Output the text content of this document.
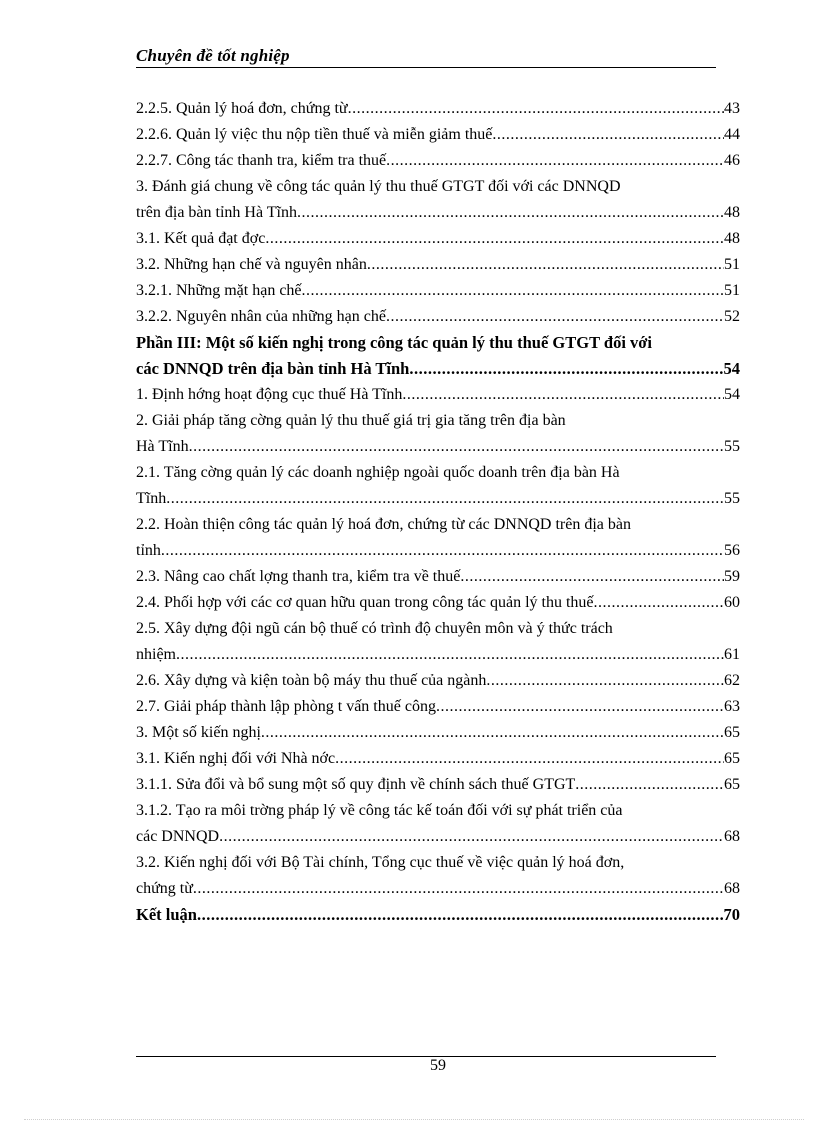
Chuyên đề tốt nghiệp
2.2.5. Quản lý hoá đơn, chứng từ .....	43
2.2.6. Quản lý việc thu nộp tiền thuế và miễn giảm thuế .....	44
2.2.7. Công tác thanh tra, kiểm tra thuế .....	46
3. Đánh giá chung về công tác quản lý thu thuế GTGT đối với các DNNQD
trên địa bàn tỉnh Hà Tĩnh .....	48
3.1. Kết quả đạt đợc .....	48
3.2. Những hạn chế và nguyên nhân .....	51
3.2.1. Những mặt hạn chế .....	51
3.2.2. Nguyên nhân của những hạn chế .....	52
Phần III: Một số kiến nghị trong công tác quản lý thu thuế GTGT đối với
các DNNQD trên địa bàn tỉnh Hà Tĩnh .....	54
1. Định hớng hoạt động cục thuế Hà Tĩnh .....	54
2. Giải pháp tăng cờng quản lý thu thuế giá trị gia tăng trên địa bàn
Hà Tĩnh .....	55
2.1. Tăng cờng quản lý các doanh nghiệp ngoài quốc doanh trên địa bàn Hà
Tĩnh .....	55
2.2. Hoàn thiện công tác quản lý hoá đơn, chứng từ các DNNQD trên địa bàn
tỉnh .....	56
2.3. Nâng cao chất lợng thanh tra, kiểm tra về thuế .....	59
2.4. Phối hợp với các cơ quan hữu quan trong công tác quản lý thu thuế .....	60
2.5. Xây dựng đội ngũ cán bộ thuế có trình độ chuyên môn và ý thức trách
nhiệm .....	61
2.6. Xây dựng và kiện toàn bộ máy thu thuế của ngành .....	62
2.7. Giải pháp thành lập phòng t vấn thuế công .....	63
3. Một số kiến nghị .....	65
3.1. Kiến nghị đối với Nhà nớc .....	65
3.1.1. Sửa đổi và bổ sung một số quy định về chính sách thuế GTGT .....	65
3.1.2. Tạo ra môi trờng pháp lý về công tác kế toán đối với sự phát triển của
các DNNQD .....	68
3.2. Kiến nghị đối với Bộ Tài chính, Tổng cục thuế về việc quản lý hoá đơn,
chứng từ .....	68
Kết luận .....	70
59
